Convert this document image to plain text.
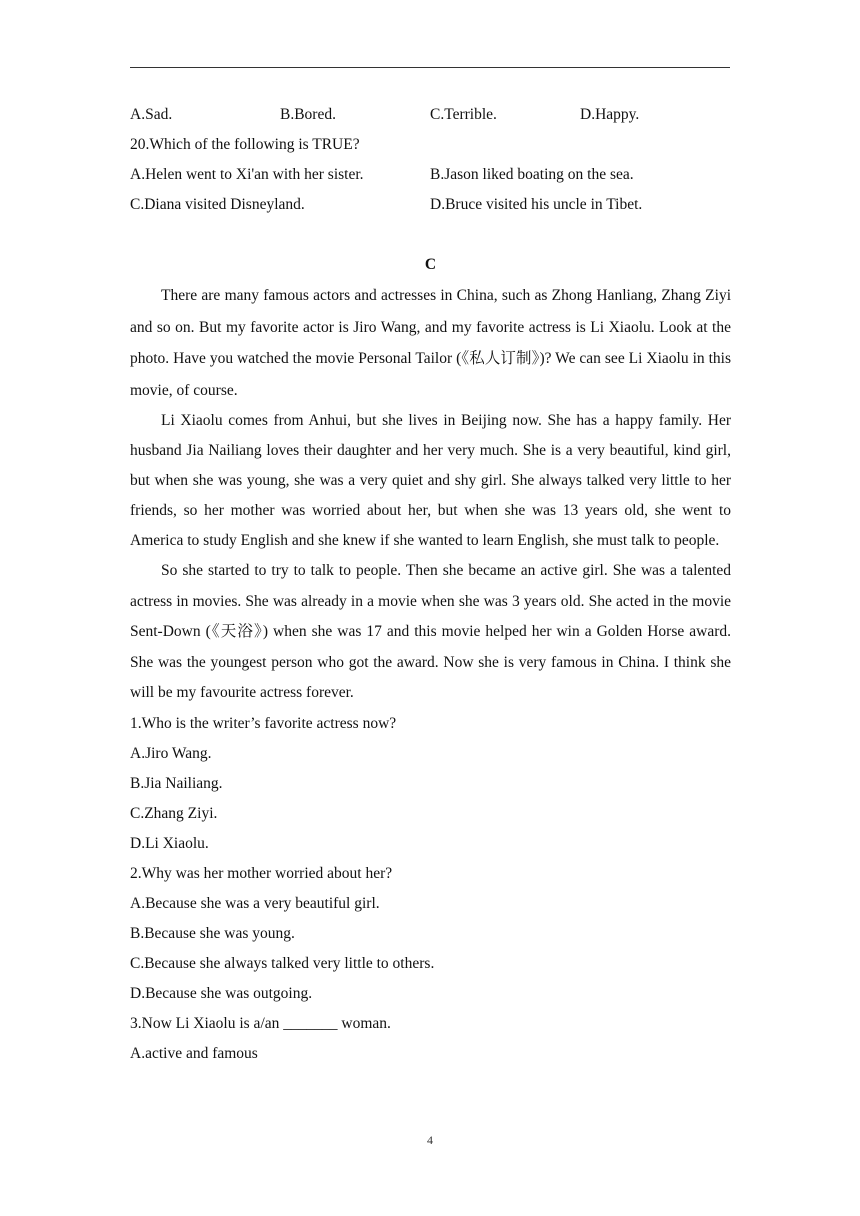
A.Sad.	B.Bored.	C.Terrible.	D.Happy.
20.Which of the following is TRUE?
A.Helen went to Xi'an with her sister.	B.Jason liked boating on the sea.
C.Diana visited Disneyland.	D.Bruce visited his uncle in Tibet.
C

There are many famous actors and actresses in China, such as Zhong Hanliang, Zhang Ziyi and so on. But my favorite actor is Jiro Wang, and my favorite actress is Li Xiaolu. Look at the photo. Have you watched the movie Personal Tailor (《私人订制》)? We can see Li Xiaolu in this movie, of course.

Li Xiaolu comes from Anhui, but she lives in Beijing now. She has a happy family. Her husband Jia Nailiang loves their daughter and her very much. She is a very beautiful, kind girl, but when she was young, she was a very quiet and shy girl. She always talked very little to her friends, so her mother was worried about her, but when she was 13 years old, she went to America to study English and she knew if she wanted to learn English, she must talk to people.

So she started to try to talk to people. Then she became an active girl. She was a talented actress in movies. She was already in a movie when she was 3 years old. She acted in the movie Sent-Down (《天浴》) when she was 17 and this movie helped her win a Golden Horse award. She was the youngest person who got the award. Now she is very famous in China. I think she will be my favourite actress forever.

1.Who is the writer’s favorite actress now?
A.Jiro Wang.
B.Jia Nailiang.
C.Zhang Ziyi.
D.Li Xiaolu.
2.Why was her mother worried about her?
A.Because she was a very beautiful girl.
B.Because she was young.
C.Because she always talked very little to others.
D.Because she was outgoing.
3.Now Li Xiaolu is a/an _______ woman.
A.active and famous
4
